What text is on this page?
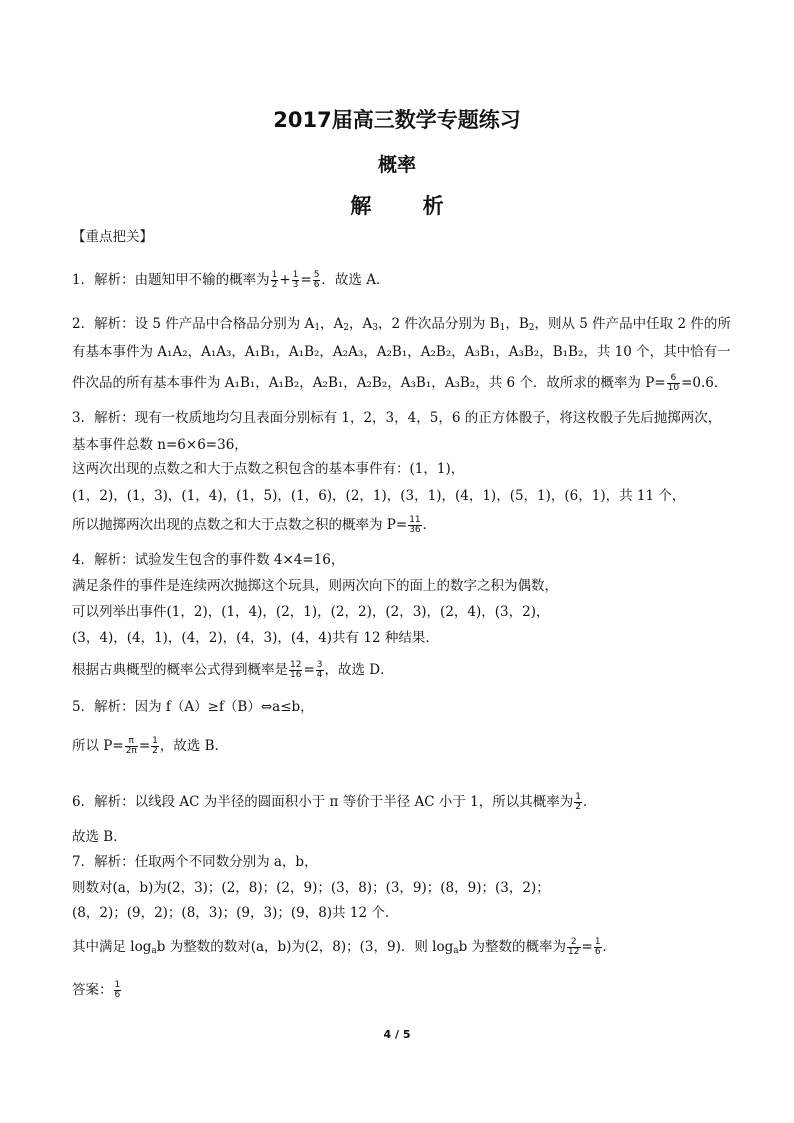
2017届高三数学专题练习
概率
解 析
【重点把关】
1．解析：由题知甲不输的概率为 $\frac{1}{2} + \frac{1}{3} = \frac{5}{6}$ ．故选 A．
2．解析：设 5 件产品中合格品分别为 $A_1$，$A_2$，$A_3$，2 件次品分别为 $B_1$，$B_2$，则从 5 件产品中任取 2 件的所
有基本事件为 A₁A₂，A₁A₃，A₁B₁，A₁B₂，A₂A₃，A₂B₁，A₂B₂，A₃B₁，A₃B₂，B₁B₂，共 10 个，其中恰有一
件次品的所有基本事件为 A₁B₁，A₁B₂，A₂B₁，A₂B₂，A₃B₁，A₃B₂，共 6 个．故所求的概率为 $P= \frac{6}{10} =0.6$．
3．解析：现有一枚质地均匀且表面分别标有 1，2，3，4，5，6 的正方体骰子，将这枚骰子先后抛掷两次，
基本事件总数 n=6×6=36，
这两次出现的点数之和大于点数之积包含的基本事件有：(1，1)，
(1，2)，(1，3)，(1，4)，(1，5)，(1，6)，(2，1)，(3，1)，(4，1)，(5，1)，(6，1)，共 11 个，
所以抛掷两次出现的点数之和大于点数之积的概率为 $P= \frac{11}{36}$ ．
4．解析：试验发生包含的事件数 4×4=16，
满足条件的事件是连续两次抛掷这个玩具，则两次向下的面上的数字之积为偶数，
可以列举出事件(1，2)，(1，4)，(2，1)，(2，2)，(2，3)，(2，4)，(3，2)，
(3，4)，(4，1)，(4，2)，(4，3)，(4，4)共有 12 种结果．
根据古典概型的概率公式得到概率是 $\frac{12}{16} = \frac{3}{4}$ ，故选 D．
5．解析：因为 f（A）≥f（B）⇔a≤b，
所以 $P= \frac{\pi}{2\pi} = \frac{1}{2}$ ，故选 B．
6．解析：以线段 AC 为半径的圆面积小于 π 等价于半径 AC 小于 1，所以其概率为 $\frac{1}{2}$ ．
故选 B．
7．解析：任取两个不同数分别为 a，b，
则数对(a，b)为(2，3)；(2，8)；(2，9)；(3，8)；(3，9)；(8，9)；(3，2)；
(8，2)；(9，2)；(8，3)；(9，3)；(9，8)共 12 个．
其中满足 $\log_ab$ 为整数的数对(a，b)为(2，8)；(3，9)．则 $\log_ab$ 为整数的概率为 $\frac{2}{12} = \frac{1}{6}$ ．
答案： $\frac{1}{6}$
4 / 5
